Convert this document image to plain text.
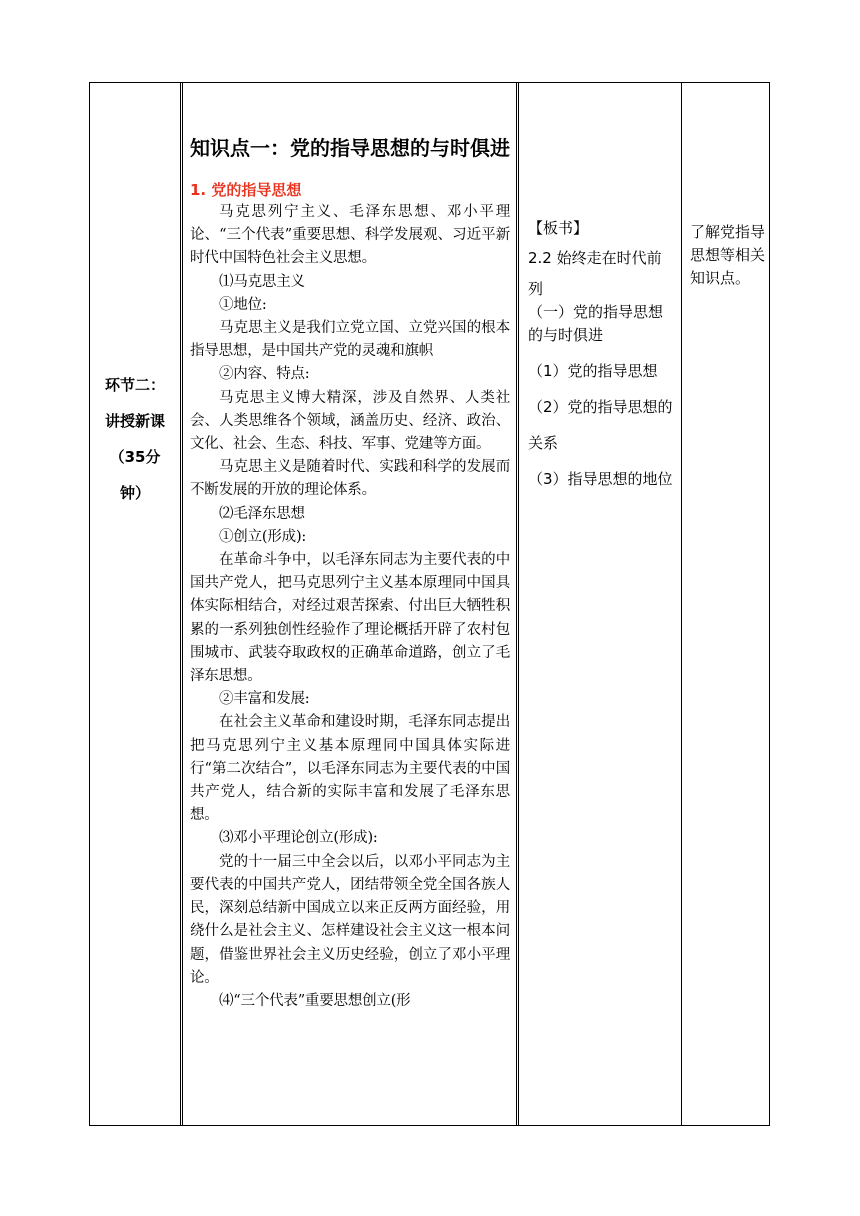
环节二：
讲授新课
（35分
钟）
知识点一：党的指导思想的与时俱进
1. 党的指导思想

马克思列宁主义、毛泽东思想、邓小平理论、“三个代表”重要思想、科学发展观、习近平新时代中国特色社会主义思想。

⑴马克思主义

①地位:

马克思主义是我们立党立国、立党兴国的根本指导思想，是中国共产党的灵魂和旗帜

②内容、特点:

马克思主义博大精深，涉及自然界、人类社会、人类思维各个领域，涵盖历史、经济、政治、文化、社会、生态、科技、军事、党建等方面。

马克思主义是随着时代、实践和科学的发展而不断发展的开放的理论体系。

⑵毛泽东思想

①创立(形成):

在革命斗争中，以毛泽东同志为主要代表的中国共产党人，把马克思列宁主义基本原理同中国具体实际相结合，对经过艰苦探索、付出巨大牺牲积累的一系列独创性经验作了理论概括开辟了农村包围城市、武装夺取政权的正确革命道路，创立了毛泽东思想。

②丰富和发展:

在社会主义革命和建设时期，毛泽东同志提出把马克思列宁主义基本原理同中国具体实际进行“第二次结合”，以毛泽东同志为主要代表的中国共产党人，结合新的实际丰富和发展了毛泽东思想。

⑶邓小平理论创立(形成):

党的十一届三中全会以后，以邓小平同志为主要代表的中国共产党人，团结带领全党全国各族人民，深刻总结新中国成立以来正反两方面经验，用绕什么是社会主义、怎样建设社会主义这一根本问题，借鉴世界社会主义历史经验，创立了邓小平理论。

⑷“三个代表”重要思想创立(形

【板书】

2.2 始终走在时代前列

（一）党的指导思想的与时俱进

（1）党的指导思想

（2）党的指导思想的关系

（3）指导思想的地位

了解党指导思想等相关知识点。
